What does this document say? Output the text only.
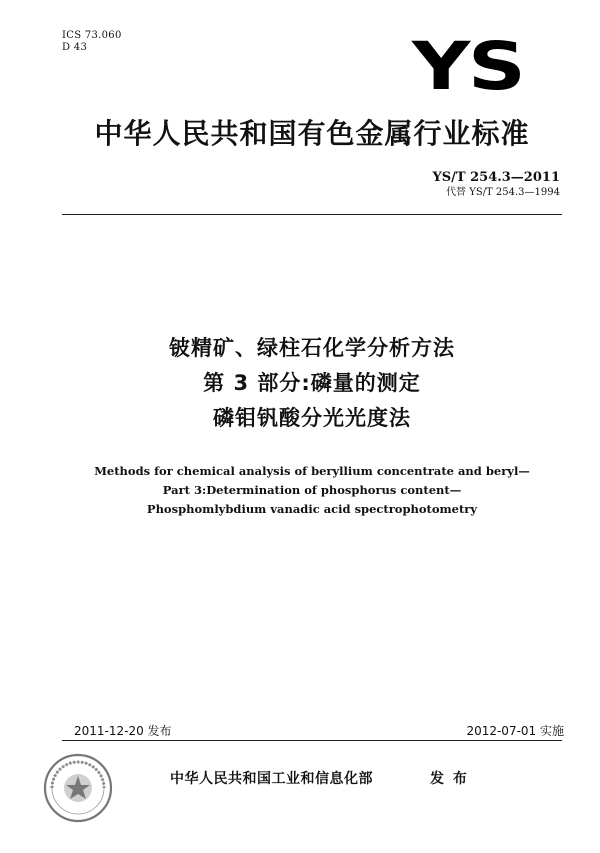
ICS 73.060
D 43	YS
中华人民共和国有色金属行业标准
YS/T 254.3—2011
代替 YS/T 254.3—1994
铍精矿、绿柱石化学分析方法
第 3 部分:磷量的测定
磷钼钒酸分光光度法
Methods for chemical analysis of beryllium concentrate and beryl—
Part 3:Determination of phosphorus content—
Phosphomlybdium vanadic acid spectrophotometry
2011-12-20 发布	2012-07-01 实施
中华人民共和国工业和信息化部	发 布
